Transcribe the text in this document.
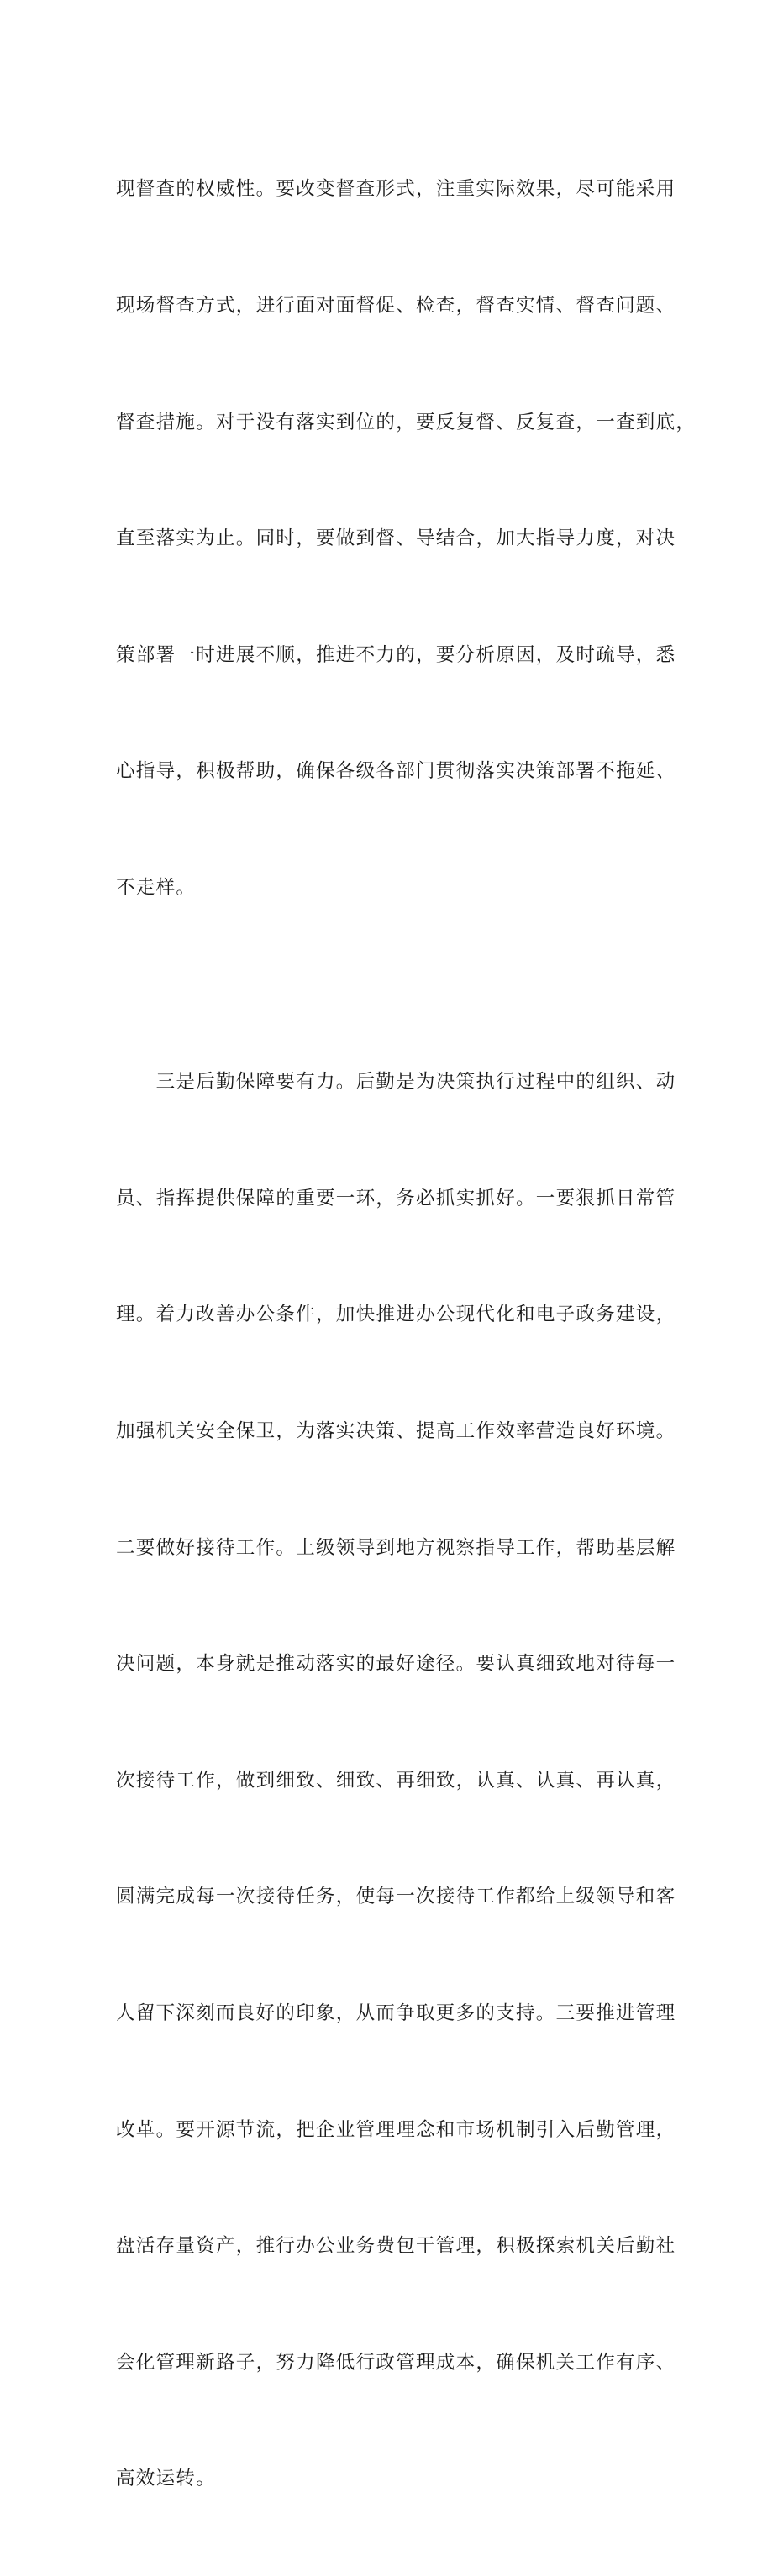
现督查的权威性。要改变督查形式，注重实际效果，尽可能采用

现场督查方式，进行面对面督促、检查，督查实情、督查问题、

督查措施。对于没有落实到位的，要反复督、反复查，一查到底，

直至落实为止。同时，要做到督、导结合，加大指导力度，对决

策部署一时进展不顺，推进不力的，要分析原因，及时疏导，悉

心指导，积极帮助，确保各级各部门贯彻落实决策部署不拖延、

不走样。

　　三是后勤保障要有力。后勤是为决策执行过程中的组织、动

员、指挥提供保障的重要一环，务必抓实抓好。一要狠抓日常管

理。着力改善办公条件，加快推进办公现代化和电子政务建设，

加强机关安全保卫，为落实决策、提高工作效率营造良好环境。

二要做好接待工作。上级领导到地方视察指导工作，帮助基层解

决问题，本身就是推动落实的最好途径。要认真细致地对待每一

次接待工作，做到细致、细致、再细致，认真、认真、再认真，

圆满完成每一次接待任务，使每一次接待工作都给上级领导和客

人留下深刻而良好的印象，从而争取更多的支持。三要推进管理

改革。要开源节流，把企业管理理念和市场机制引入后勤管理，

盘活存量资产，推行办公业务费包干管理，积极探索机关后勤社

会化管理新路子，努力降低行政管理成本，确保机关工作有序、

高效运转。
